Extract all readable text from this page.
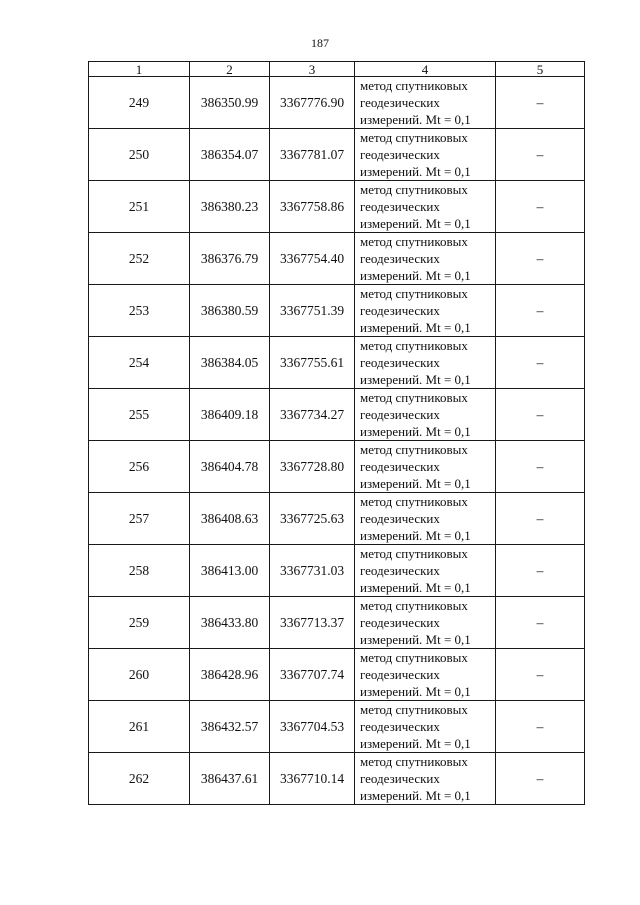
187
1	2	3	4	5
249	386350.99	3367776.90	метод спутниковых
геодезических
измерений. Mt = 0,1	–
250	386354.07	3367781.07	метод спутниковых
геодезических
измерений. Mt = 0,1	–
251	386380.23	3367758.86	метод спутниковых
геодезических
измерений. Mt = 0,1	–
252	386376.79	3367754.40	метод спутниковых
геодезических
измерений. Mt = 0,1	–
253	386380.59	3367751.39	метод спутниковых
геодезических
измерений. Mt = 0,1	–
254	386384.05	3367755.61	метод спутниковых
геодезических
измерений. Mt = 0,1	–
255	386409.18	3367734.27	метод спутниковых
геодезических
измерений. Mt = 0,1	–
256	386404.78	3367728.80	метод спутниковых
геодезических
измерений. Mt = 0,1	–
257	386408.63	3367725.63	метод спутниковых
геодезических
измерений. Mt = 0,1	–
258	386413.00	3367731.03	метод спутниковых
геодезических
измерений. Mt = 0,1	–
259	386433.80	3367713.37	метод спутниковых
геодезических
измерений. Mt = 0,1	–
260	386428.96	3367707.74	метод спутниковых
геодезических
измерений. Mt = 0,1	–
261	386432.57	3367704.53	метод спутниковых
геодезических
измерений. Mt = 0,1	–
262	386437.61	3367710.14	метод спутниковых
геодезических
измерений. Mt = 0,1	–
